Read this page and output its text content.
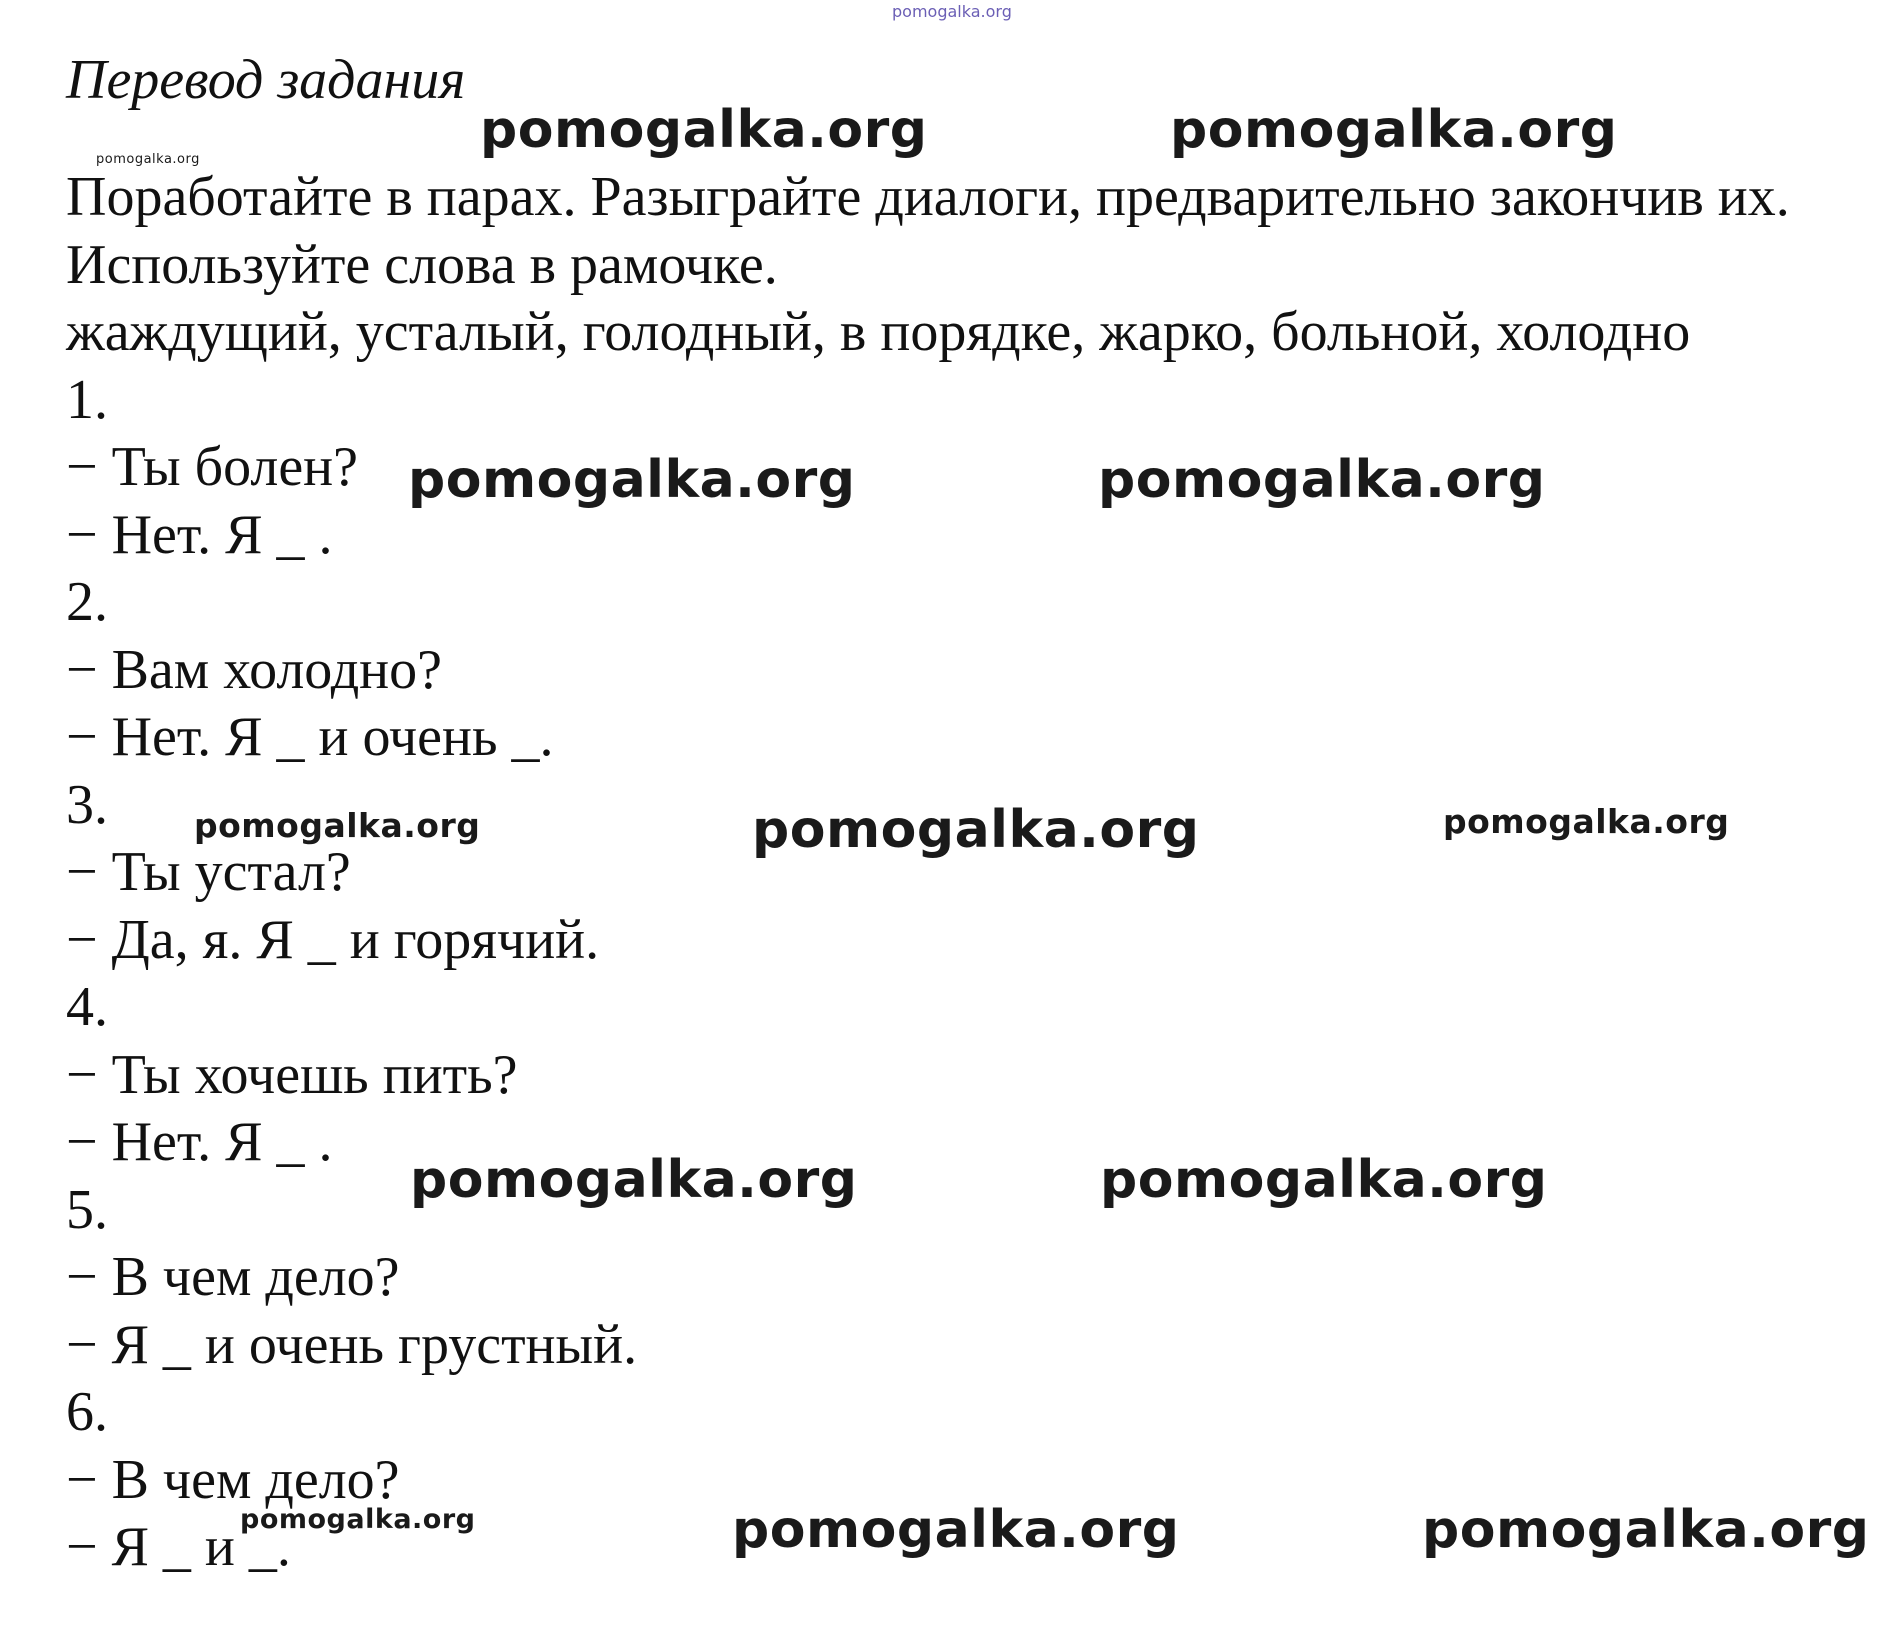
pomogalka.org
Перевод задания
Поработайте в парах. Разыграйте диалоги, предварительно закончив их.
Используйте слова в рамочке.
жаждущий, усталый, голодный, в порядке, жарко, больной, холодно
1.
− Ты болен?
− Нет. Я _ .
2.
− Вам холодно?
− Нет. Я _ и очень _.
3.
− Ты устал?
− Да, я. Я _ и горячий.
4.
− Ты хочешь пить?
− Нет. Я _ .
5.
− В чем дело?
− Я _ и очень грустный.
6.
− В чем дело?
− Я _ и _.
pomogalka.org	pomogalka.org	pomogalka.org
pomogalka.org	pomogalka.org
pomogalka.org	pomogalka.org	pomogalka.org
pomogalka.org	pomogalka.org
pomogalka.org	pomogalka.org	pomogalka.org
